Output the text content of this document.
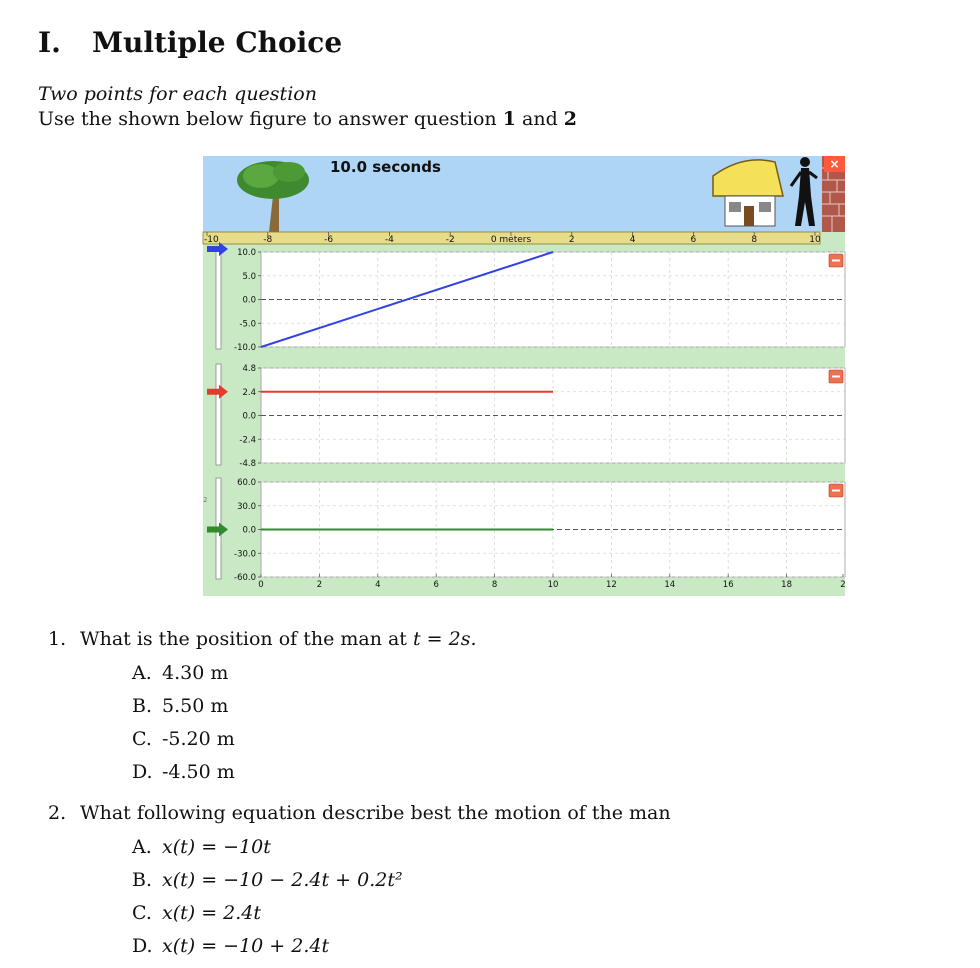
I. Multiple Choice
Two points for each question
Use the shown below figure to answer question 1 and 2
10.0 seconds	×
-10	-8	-6	-4	-2	0 meters	2	4	6	8	10
10.0
5.0
0.0
-5.0
-10.0
4.8
2.4
0.0
-2.4
-4.8
60.0
30.0
0.0
-30.0
-60.0
0	2	4	6	8	10	12	14	16	18	2
2
1. What is the position of the man at t = 2s.
A. 4.30 m
B. 5.50 m
C. -5.20 m
D. -4.50 m
2. What following equation describe best the motion of the man
A. x(t) = −10t
B. x(t) = −10 − 2.4t + 0.2t²
C. x(t) = 2.4t
D. x(t) = −10 + 2.4t
